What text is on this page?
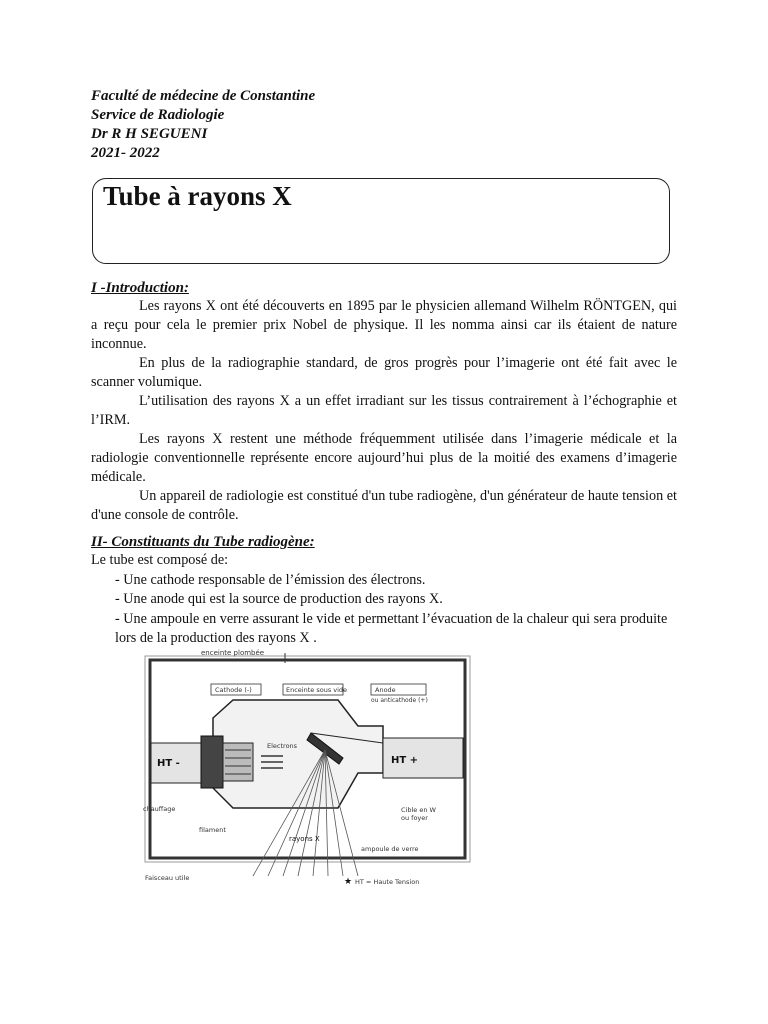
Faculté de médecine de Constantine
Service de Radiologie
Dr R H SEGUENI
2021- 2022
Tube à rayons X
I -Introduction:

Les rayons X ont été découverts en 1895 par le physicien allemand Wilhelm RÖNTGEN, qui a reçu pour cela le premier prix Nobel de physique. Il les nomma ainsi car ils étaient de nature inconnue.

En plus de la radiographie standard, de gros progrès pour l’imagerie ont été fait avec le scanner volumique.

L’utilisation des rayons X a un effet irradiant sur les tissus contrairement à l’échographie et l’IRM.

Les rayons X restent une méthode fréquemment utilisée dans l’imagerie médicale et la radiologie conventionnelle représente encore aujourd’hui plus de la moitié des examens d’imagerie médicale.

Un appareil de radiologie est constitué d'un tube radiogène, d'un générateur de haute tension et d'une console de contrôle.

II- Constituants du Tube radiogène:
Le tube est composé de:
- Une cathode responsable de l’émission des électrons.
- Une anode qui est la source de production des rayons X.
- Une ampoule en verre assurant le vide et permettant l’évacuation de la chaleur qui sera produite lors de la production des rayons X .
enceinte plombée
Cathode (-)	Enceinte sous vide	Anode
ou anticathode (+)
Electrons
HT -	HT +
chauffage
filament
Cible en W
ou foyer
rayons X
ampoule de verre
Faisceau utile	HT = Haute Tension
★
